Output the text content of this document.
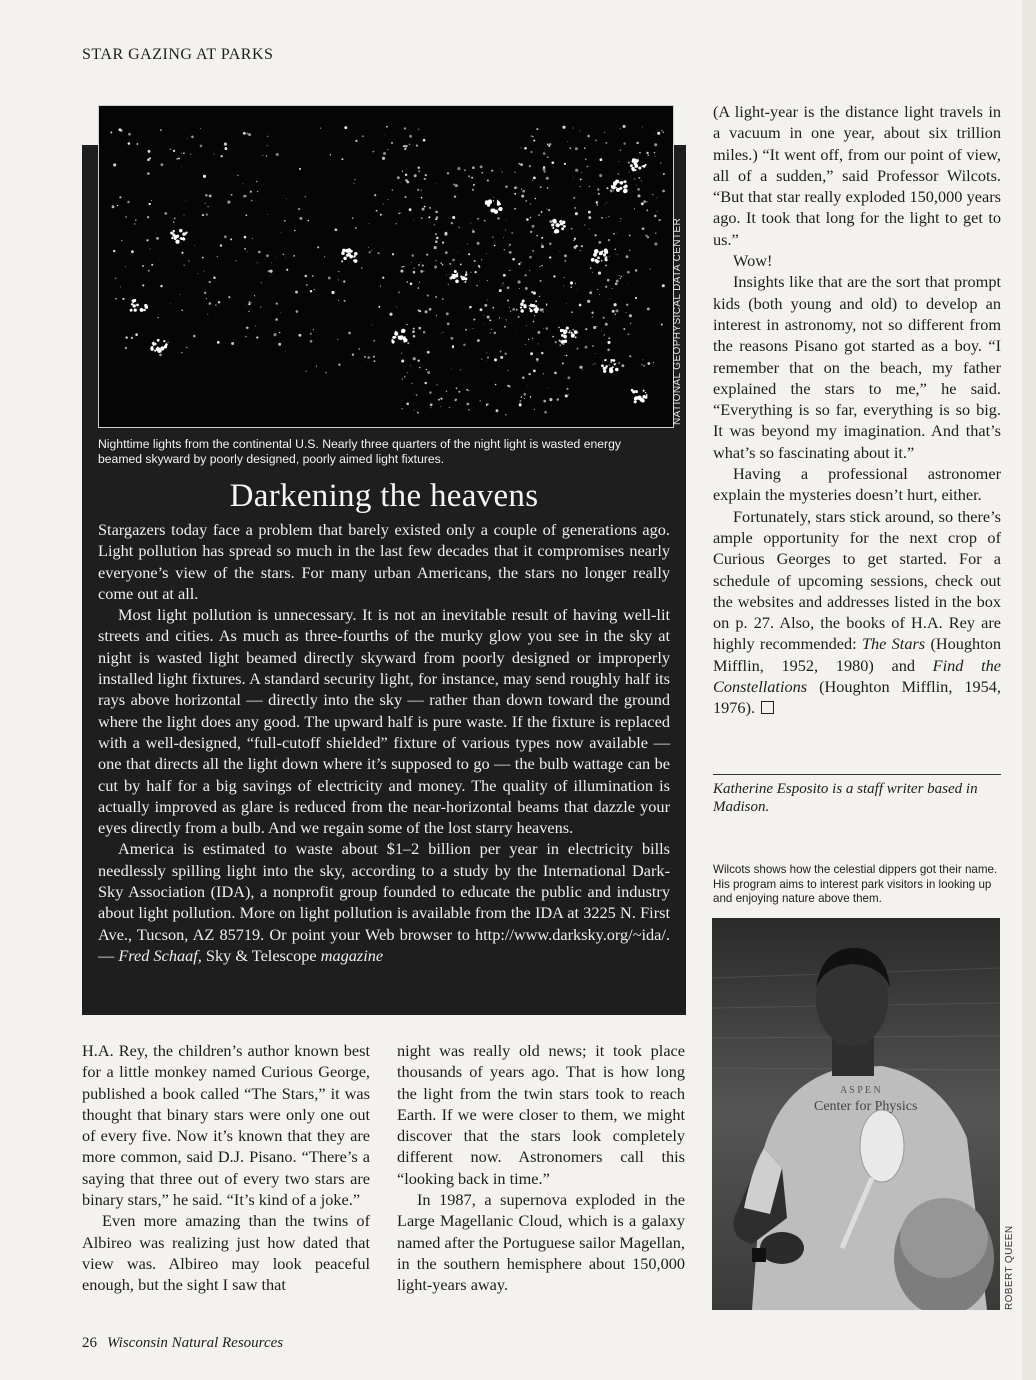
STAR GAZING AT PARKS
Nighttime lights from the continental U.S. Nearly three quarters of the night light is wasted energy beamed skyward by poorly designed, poorly aimed light fixtures.
Darkening the heavens

Stargazers today face a problem that barely existed only a couple of generations ago. Light pollution has spread so much in the last few decades that it compromises nearly everyone’s view of the stars. For many urban Americans, the stars no longer really come out at all.

Most light pollution is unnecessary. It is not an inevitable result of having well-lit streets and cities. As much as three-fourths of the murky glow you see in the sky at night is wasted light beamed directly skyward from poorly designed or improperly installed light fixtures. A standard security light, for instance, may send roughly half its rays above horizontal — directly into the sky — rather than down toward the ground where the light does any good. The upward half is pure waste. If the fixture is replaced with a well-designed, “full-cutoff shielded” fixture of various types now available — one that directs all the light down where it’s supposed to go — the bulb wattage can be cut by half for a big savings of electricity and money. The quality of illumination is actually improved as glare is reduced from the near-horizontal beams that dazzle your eyes directly from a bulb. And we regain some of the lost starry heavens.

America is estimated to waste about $1–2 billion per year in electricity bills needlessly spilling light into the sky, according to a study by the International Dark-Sky Association (IDA), a nonprofit group founded to educate the public and industry about light pollution. More on light pollution is available from the IDA at 3225 N. First Ave., Tucson, AZ 85719. Or point your Web browser to http://www.darksky.org/~ida/. — Fred Schaaf, Sky & Telescope magazine

NATIONAL GEOPHYSICAL DATA CENTER

H.A. Rey, the children’s author known best for a little monkey named Curious George, published a book called “The Stars,” it was thought that binary stars were only one out of every five. Now it’s known that they are more common, said D.J. Pisano. “There’s a saying that three out of every two stars are binary stars,” he said. “It’s kind of a joke.”

Even more amazing than the twins of Albireo was realizing just how dated that view was. Albireo may look peaceful enough, but the sight I saw that

night was really old news; it took place thousands of years ago. That is how long the light from the twin stars took to reach Earth. If we were closer to them, we might discover that the stars look completely different now. Astronomers call this “looking back in time.”

In 1987, a supernova exploded in the Large Magellanic Cloud, which is a galaxy named after the Portuguese sailor Magellan, in the southern hemisphere about 150,000 light-years away.

(A light-year is the distance light travels in a vacuum in one year, about six trillion miles.) “It went off, from our point of view, all of a sudden,” said Professor Wilcots. “But that star really exploded 150,000 years ago. It took that long for the light to get to us.”

Wow!

Insights like that are the sort that prompt kids (both young and old) to develop an interest in astronomy, not so different from the reasons Pisano got started as a boy. “I remember that on the beach, my father explained the stars to me,” he said. “Everything is so far, everything is so big. It was beyond my imagination. And that’s what’s so fascinating about it.”

Having a professional astronomer explain the mysteries doesn’t hurt, either.

Fortunately, stars stick around, so there’s ample opportunity for the next crop of Curious Georges to get started. For a schedule of upcoming sessions, check out the websites and addresses listed in the box on p. 27. Also, the books of H.A. Rey are highly recommended: The Stars (Houghton Mifflin, 1952, 1980) and Find the Constellations (Houghton Mifflin, 1954, 1976).

Katherine Esposito is a staff writer based in Madison.
Wilcots shows how the celestial dippers got their name. His program aims to interest park visitors in looking up and enjoying nature above them.
A S P E N
Center for Physics
ROBERT QUEEN
26 Wisconsin Natural Resources
